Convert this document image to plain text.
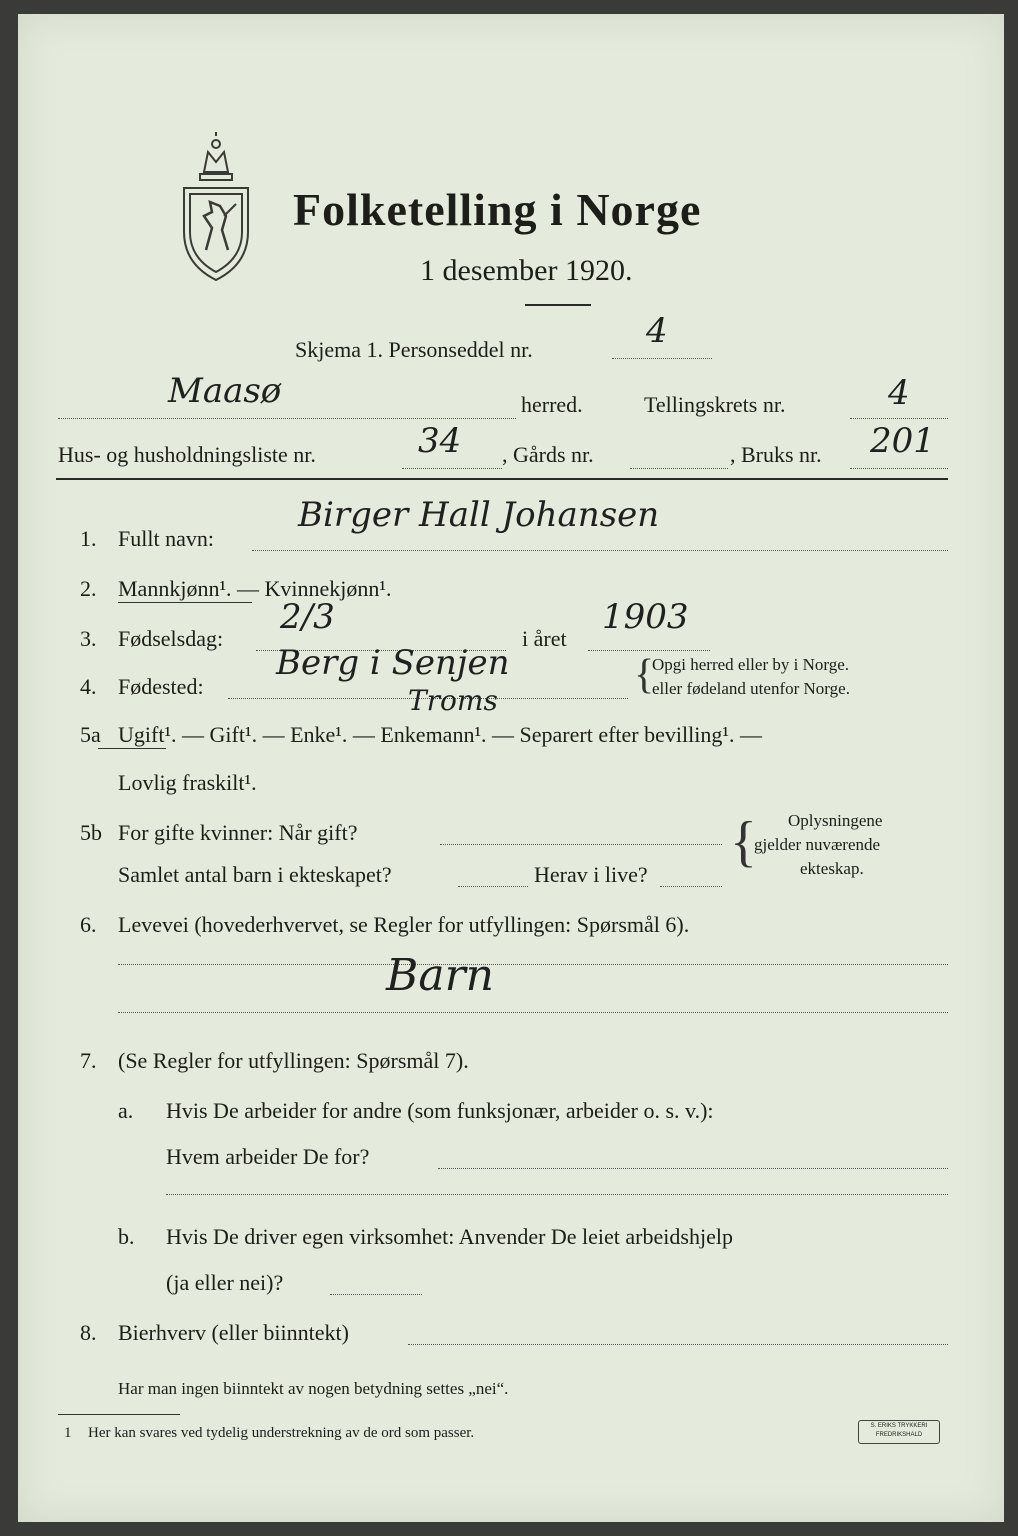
Folketelling i Norge
1 desember 1920.
Skjema 1. Personseddel nr.	4
Maasø	herred.	Tellingskrets nr.	4
Hus- og husholdningsliste nr.	34 , Gårds nr.	, Bruks nr. 201
1. Fullt navn:
Birger Hall Johansen
2. Mannkjønn¹. — Kvinnekjønn¹.
3. Fødselsdag:
2/3
i året
1903
4. Fødested:
Berg i Senjen
Troms
{
Opgi herred eller by i Norge.
eller fødeland utenfor Norge.
5a Ugift¹. — Gift¹. — Enke¹. — Enkemann¹. — Separert efter bevilling¹. —
Lovlig fraskilt¹.
5b For gifte kvinner: Når gift?
Samlet antal barn i ekteskapet?	Herav i live?
{ Oplysningene
gjelder nuværende
ekteskap.
6. Levevei (hovederhvervet, se Regler for utfyllingen: Spørsmål 6).
Barn
7. (Se Regler for utfyllingen: Spørsmål 7).
a. Hvis De arbeider for andre (som funksjonær, arbeider o. s. v.):
Hvem arbeider De for?
b. Hvis De driver egen virksomhet: Anvender De leiet arbeidshjelp
(ja eller nei)?
8. Bierhverv (eller biinntekt)
Har man ingen biinntekt av nogen betydning settes „nei“.
1 Her kan svares ved tydelig understrekning av de ord som passer.	S. ERIKS TRYKKERI
FREDRIKSHALD
